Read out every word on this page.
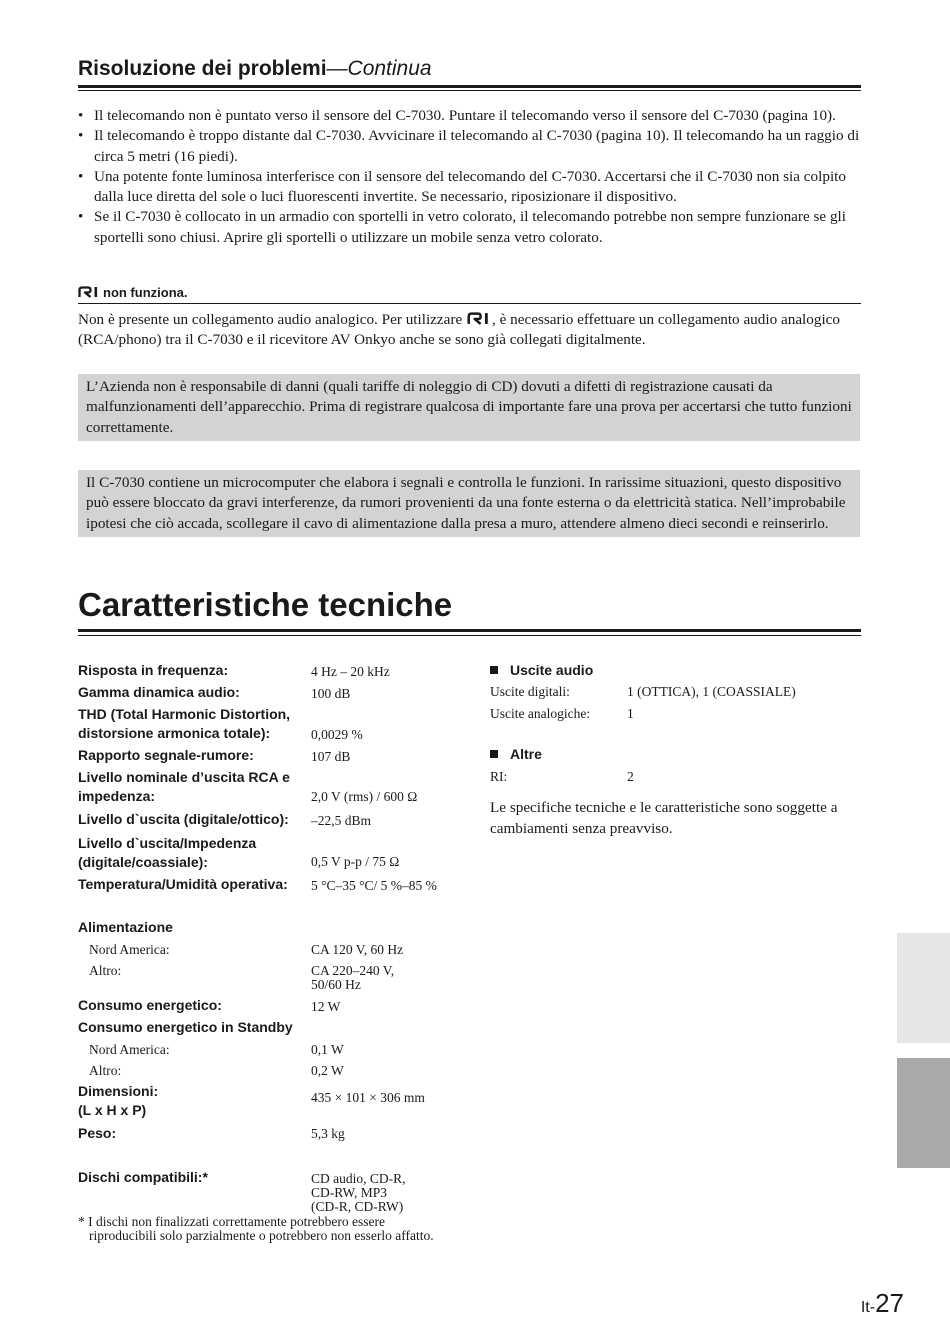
Risoluzione dei problemi—Continua
• Il telecomando non è puntato verso il sensore del C-7030. Puntare il telecomando verso il sensore del C-7030 (pagina 10).
• Il telecomando è troppo distante dal C-7030. Avvicinare il telecomando al C-7030 (pagina 10). Il telecomando ha un raggio di circa 5 metri (16 piedi).
• Una potente fonte luminosa interferisce con il sensore del telecomando del C-7030. Accertarsi che il C-7030 non sia colpito dalla luce diretta del sole o luci fluorescenti invertite. Se necessario, riposizionare il dispositivo.
• Se il C-7030 è collocato in un armadio con sportelli in vetro colorato, il telecomando potrebbe non sempre funzionare se gli sportelli sono chiusi. Aprire gli sportelli o utilizzare un mobile senza vetro colorato.
non funziona.
Non è presente un collegamento audio analogico. Per utilizzare , è necessario effettuare un collegamento audio analogico (RCA/phono) tra il C-7030 e il ricevitore AV Onkyo anche se sono già collegati digitalmente.
L’Azienda non è responsabile di danni (quali tariffe di noleggio di CD) dovuti a difetti di registrazione causati da malfunzionamenti dell’apparecchio. Prima di registrare qualcosa di importante fare una prova per accertarsi che tutto funzioni correttamente.
Il C-7030 contiene un microcomputer che elabora i segnali e controlla le funzioni. In rarissime situazioni, questo dispositivo può essere bloccato da gravi interferenze, da rumori provenienti da una fonte esterna o da elettricità statica. Nell’improbabile ipotesi che ciò accada, scollegare il cavo di alimentazione dalla presa a muro, attendere almeno dieci secondi e reinserirlo.
Caratteristiche tecniche
Risposta in frequenza:	4 Hz – 20 kHz
Gamma dinamica audio:	100 dB
THD (Total Harmonic Distortion,
distorsione armonica totale):	0,0029 %
Rapporto segnale-rumore:	107 dB
Livello nominale d’uscita RCA e
impedenza:	2,0 V (rms) / 600 Ω
Livello d`uscita (digitale/ottico): –22,5 dBm
Livello d`uscita/Impedenza
(digitale/coassiale):	0,5 V p-p / 75 Ω
Temperatura/Umidità operativa: 5 °C–35 °C/ 5 %–85 %
Alimentazione
Nord America:	CA 120 V, 60 Hz
Altro:	CA 220–240 V,
50/60 Hz
Consumo energetico:	12 W
Consumo energetico in Standby
Nord America:	0,1 W
Altro:	0,2 W
Dimensioni:
(L x H x P)
435 × 101 × 306 mm
Peso:	5,3 kg
Dischi compatibili:*	CD audio, CD-R,
CD-RW, MP3
(CD-R, CD-RW)
* I dischi non finalizzati correttamente potrebbero essere
riproducibili solo parzialmente o potrebbero non esserlo affatto.
Uscite audio
Uscite digitali:	1 (OTTICA), 1 (COASSIALE)
Uscite analogiche:	1
Altre
RI:	2
Le specifiche tecniche e le caratteristiche sono soggette a cambiamenti senza preavviso.
It-27
